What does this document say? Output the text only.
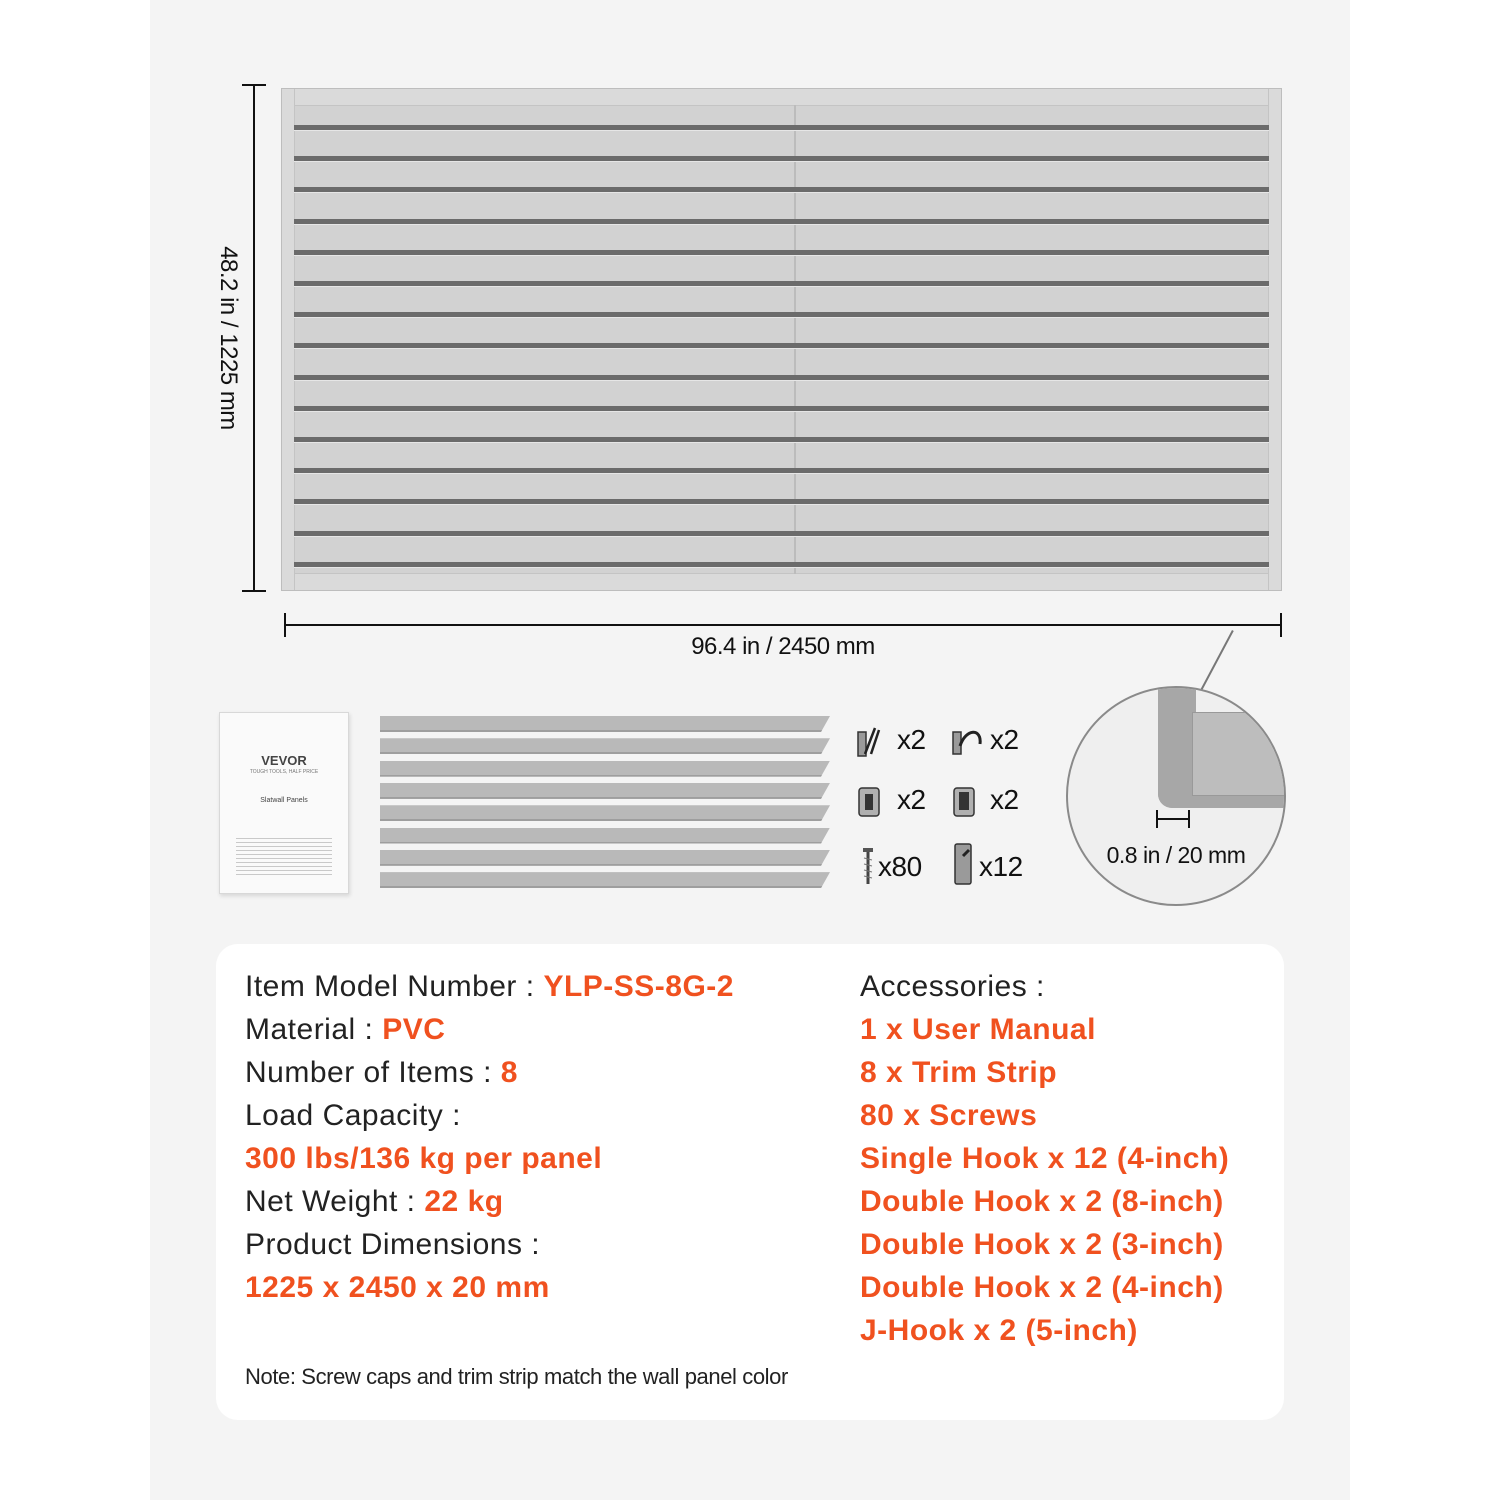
48.2 in / 1225 mm
96.4 in / 2450 mm
0.8 in / 20 mm
VEVOR
TOUGH TOOLS, HALF PRICE
Slatwall Panels
x2 x2
x2 x2
x80 x12
Item Model Number : YLP-SS-8G-2
Material : PVC
Number of Items : 8
Load Capacity :
300 lbs/136 kg per panel
Net Weight : 22 kg
Product Dimensions :
1225 x 2450 x 20 mm
Accessories :
1 x User Manual
8 x Trim Strip
80 x Screws
Single Hook x 12 (4-inch)
Double Hook x 2 (8-inch)
Double Hook x 2 (3-inch)
Double Hook x 2 (4-inch)
J-Hook x 2 (5-inch)
Note: Screw caps and trim strip match the wall panel color
